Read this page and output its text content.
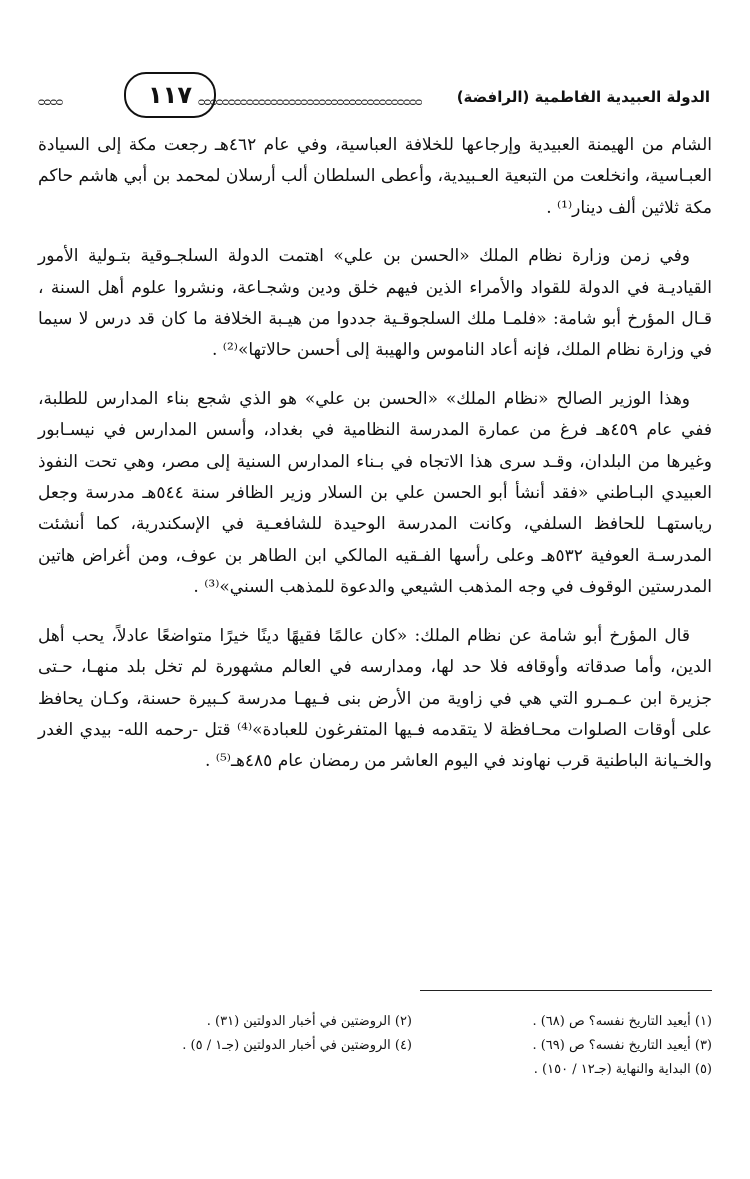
الدولة العبيدية الفاطمية (الرافضة)
ᴑᴑᴑᴑᴑᴑᴑᴑᴑᴑᴑᴑᴑᴑᴑᴑᴑᴑᴑᴑᴑᴑᴑᴑᴑᴑᴑᴑᴑᴑᴑᴑᴑᴑᴑᴑᴑ
١١٧
ᴑᴑᴑᴑ

الشام من الهيمنة العبيدية وإرجاعها للخلافة العباسية، وفي عام ٤٦٢هـ رجعت مكة إلى السيادة العبـاسية، وانخلعت من التبعية العـبيدية، وأعطى السلطان ألب أرسلان لمحمد بن أبي هاشم حاكم مكة ثلاثين ألف دينار⁽¹⁾ .

وفي زمن وزارة نظام الملك «الحسن بن علي» اهتمت الدولة السلجـوقية بتـولية الأمور القياديـة في الدولة للقواد والأمراء الذين فيهم خلق ودين وشجـاعة، ونشروا علوم أهل السنة ، قـال المؤرخ أبو شامة: «فلمـا ملك السلجوقـية جددوا من هيـبة الخلافة ما كان قد درس لا سيما في وزارة نظام الملك، فإنه أعاد الناموس والهيبة إلى أحسن حالاتها»⁽²⁾ .

وهذا الوزير الصالح «نظام الملك» «الحسن بن علي» هو الذي شجع بناء المدارس للطلبة، ففي عام ٤٥٩هـ فرغ من عمارة المدرسة النظامية في بغداد، وأسس المدارس في نيسـابور وغيرها من البلدان، وقـد سرى هذا الاتجاه في بـناء المدارس السنية إلى مصر، وهي تحت النفوذ العبيدي البـاطني «فقد أنشأ أبو الحسن علي بن السلار وزير الظافر سنة ٥٤٤هـ مدرسة وجعل رياستهـا للحافظ السلفي، وكانت المدرسة الوحيدة للشافعـية في الإسكندرية، كما أنشئت المدرسـة العوفية ٥٣٢هـ وعلى رأسها الفـقيه المالكي ابن الطاهر بن عوف، ومن أغراض هاتين المدرستين الوقوف في وجه المذهب الشيعي والدعوة للمذهب السني»⁽³⁾ .

قال المؤرخ أبو شامة عن نظام الملك: «كان عالمًا فقيهًا دينًا خيرًا متواضعًا عادلاً، يحب أهل الدين، وأما صدقاته وأوقافه فلا حد لها، ومدارسه في العالم مشهورة لم تخل بلد منهـا، حـتى جزيرة ابن عـمـرو التي هي في زاوية من الأرض بنى فـيهـا مدرسة كـبيرة حسنة، وكـان يحافظ على أوقات الصلوات محـافظة لا يتقدمه فـيها المتفرغون للعبادة»⁽⁴⁾ قتل -رحمه الله- بيدي الغدر والخـيانة الباطنية قرب نهاوند في اليوم العاشر من رمضان عام ٤٨٥هـ⁽⁵⁾ .

(١) أيعيد التاريخ نفسه؟ ص (٦٨) .
(٣) أيعيد التاريخ نفسه؟ ص (٦٩) .
(٥) البداية والنهاية (جـ١٢ / ١٥٠) .
(٢) الروضتين في أخبار الدولتين (٣١) .
(٤) الروضتين في أخبار الدولتين (جـ١ / ٥) .
